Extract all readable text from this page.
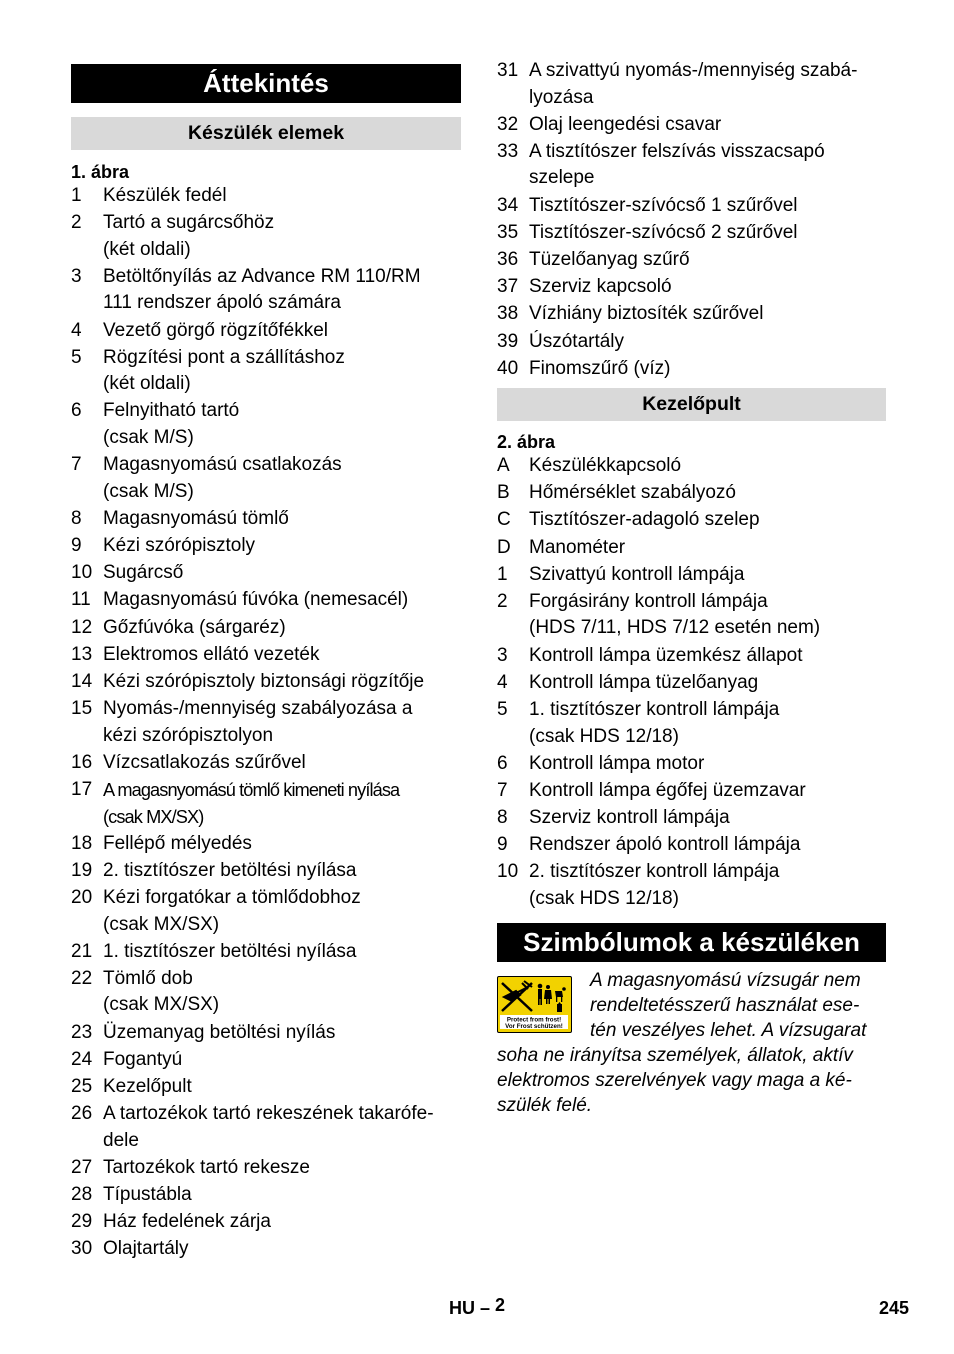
Áttekintés
Készülék elemek
1. ábra
1 Készülék fedél
2 Tartó a sugárcsőhöz
(két oldali)
3 Betöltőnyílás az Advance RM 110/RM
111 rendszer ápoló számára
4 Vezető görgő rögzítőfékkel
5 Rögzítési pont a szállításhoz
(két oldali)
6 Felnyitható tartó
(csak M/S)
7 Magasnyomású csatlakozás
(csak M/S)
8 Magasnyomású tömlő
9 Kézi szórópisztoly
10 Sugárcső
11 Magasnyomású fúvóka (nemesacél)
12 Gőzfúvóka (sárgaréz)
13 Elektromos ellátó vezeték
14 Kézi szórópisztoly biztonsági rögzítője
15 Nyomás-/mennyiség szabályozása a
kézi szórópisztolyon
16 Vízcsatlakozás szűrővel
17 A magasnyomású tömlő kimeneti nyílása
(csak MX/SX)
18 Fellépő mélyedés
19 2. tisztítószer betöltési nyílása
20 Kézi forgatókar a tömlődobhoz
(csak MX/SX)
21 1. tisztítószer betöltési nyílása
22 Tömlő dob
(csak MX/SX)
23 Üzemanyag betöltési nyílás
24 Fogantyú
25 Kezelőpult
26 A tartozékok tartó rekeszének takarófe-
dele
27 Tartozékok tartó rekesze
28 Típustábla
29 Ház fedelének zárja
30 Olajtartály
31 A szivattyú nyomás-/mennyiség szabá-
lyozása
32 Olaj leengedési csavar
33 A tisztítószer felszívás visszacsapó
szelepe
34 Tisztítószer-szívócső 1 szűrővel
35 Tisztítószer-szívócső 2 szűrővel
36 Tüzelőanyag szűrő
37 Szerviz kapcsoló
38 Vízhiány biztosíték szűrővel
39 Úszótartály
40 Finomszűrő (víz)
Kezelőpult
2. ábra
A Készülékkapcsoló
B Hőmérséklet szabályozó
C Tisztítószer-adagoló szelep
D Manométer
1 Szivattyú kontroll lámpája
2 Forgásirány kontroll lámpája
(HDS 7/11, HDS 7/12 esetén nem)
3 Kontroll lámpa üzemkész állapot
4 Kontroll lámpa tüzelőanyag
5 1. tisztítószer kontroll lámpája
(csak HDS 12/18)
6 Kontroll lámpa motor
7 Kontroll lámpa égőfej üzemzavar
8 Szerviz kontroll lámpája
9 Rendszer ápoló kontroll lámpája
10 2. tisztítószer kontroll lámpája
(csak HDS 12/18)
Szimbólumok a készüléken
A magasnyomású vízsugár nem
rendeltetésszerű használat ese-
tén veszélyes lehet. A vízsugarat
soha ne irányítsa személyek, állatok, aktív
elektromos szerelvények vagy maga a ké-
szülék felé.
Protect from frost!
Vor Frost schützen!
HU – 2	245
